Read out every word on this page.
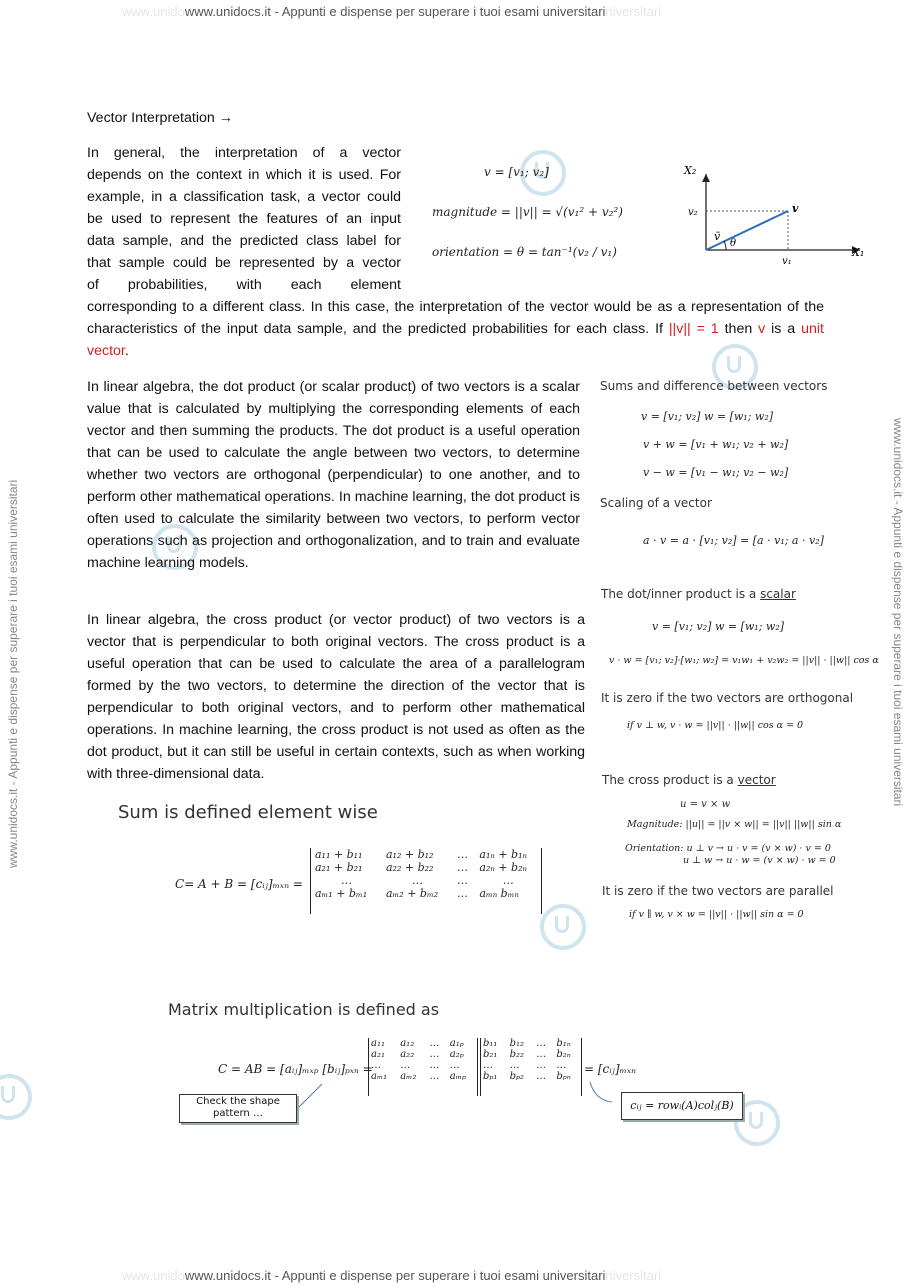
www.unidowww.unidocs.it - Appunti e dispense per superare i tuoi esami universitariniversitari
www.unidowww.unidocs.it - Appunti e dispense per superare i tuoi esami universitariniversitari
www.unidocs.it - Appunti e dispense per superare i tuoi esami universitari	www.unidocs.it - Appunti e dispense per superare i tuoi esami universitari
Vector Interpretation →
In general, the interpretation of a vector
depends on the context in which it is used. For
example, in a classification task, a vector could
be used to represent the features of an input
data sample, and the predicted class label for
that sample could be represented by a vector
of probabilities, with each element
corresponding to a different class. In this case, the interpretation of the vector would be as a representation of the characteristics of the input data sample, and the predicted probabilities for each class. If ||v|| = 1 then v is a unit vector.
v = [v₁; v₂]
magnitude = ||v|| = √(v₁² + v₂²)
orientation = θ = tan⁻¹(v₂ / v₁)
X₂
X₁
v
v₂
v₁
v̄
θ
In linear algebra, the dot product (or scalar product) of two vectors is a scalar value that is calculated by multiplying the corresponding elements of each vector and then summing the products. The dot product is a useful operation that can be used to calculate the angle between two vectors, to determine whether two vectors are orthogonal (perpendicular) to one another, and to perform other mathematical operations. In machine learning, the dot product is often used to calculate the similarity between two vectors, to perform vector operations such as projection and orthogonalization, and to train and evaluate machine learning models.
In linear algebra, the cross product (or vector product) of two vectors is a vector that is perpendicular to both original vectors. The cross product is a useful operation that can be used to calculate the area of a parallelogram formed by the two vectors, to determine the direction of the vector that is perpendicular to both original vectors, and to perform other mathematical operations. In machine learning, the cross product is not used as often as the dot product, but it can still be useful in certain contexts, such as when working with three-dimensional data.
Sums and difference between vectors
v = [v₁; v₂] w = [w₁; w₂]
v + w = [v₁ + w₁; v₂ + w₂]
v − w = [v₁ − w₁; v₂ − w₂]
Scaling of a vector
a · v = a · [v₁; v₂] = [a · v₁; a · v₂]
The dot/inner product is a scalar
v = [v₁; v₂] w = [w₁; w₂]
v · w = [v₁; v₂]·[w₁; w₂] = v₁w₁ + v₂w₂ = ||v|| · ||w|| cos α
It is zero if the two vectors are orthogonal
if v ⊥ w, v · w = ||v|| · ||w|| cos α = 0
The cross product is a vector
u = v × w
Magnitude: ||u|| = ||v × w|| = ||v|| ||w|| sin α
Orientation: u ⊥ v → u · v = (v × w) · v = 0
u ⊥ w → u · w = (v × w) · w = 0
It is zero if the two vectors are parallel
if v ∥ w, v × w = ||v|| · ||w|| sin α = 0
Sum is defined element wise
C= A + B = [cᵢⱼ]ₘₓₙ =
a₁₁ + b₁₁	a₁₂ + b₁₂	…	a₁ₙ + b₁ₙ
a₂₁ + b₂₁	a₂₂ + b₂₂	…	a₂ₙ + b₂ₙ
…	…	…	…
aₘ₁ + bₘ₁	aₘ₂ + bₘ₂	…	aₘₙ bₘₙ
Matrix multiplication is defined as
C = AB = [aᵢⱼ]ₘₓₚ [bᵢⱼ]ₚₓₙ =
a₁₁	a₁₂	…	a₁ₚ
a₂₁	a₂₂	…	a₂ₚ
…	…	…	…
aₘ₁	aₘ₂	…	aₘₚ
b₁₁	b₁₂	…	b₁ₙ
b₂₁	b₂₂	…	b₂ₙ
…	…	…	…
bₚ₁	bₚ₂	…	bₚₙ
= [cᵢⱼ]ₘₓₙ
Check the shape pattern …
cᵢⱼ = rowᵢ(A)colⱼ(B)
